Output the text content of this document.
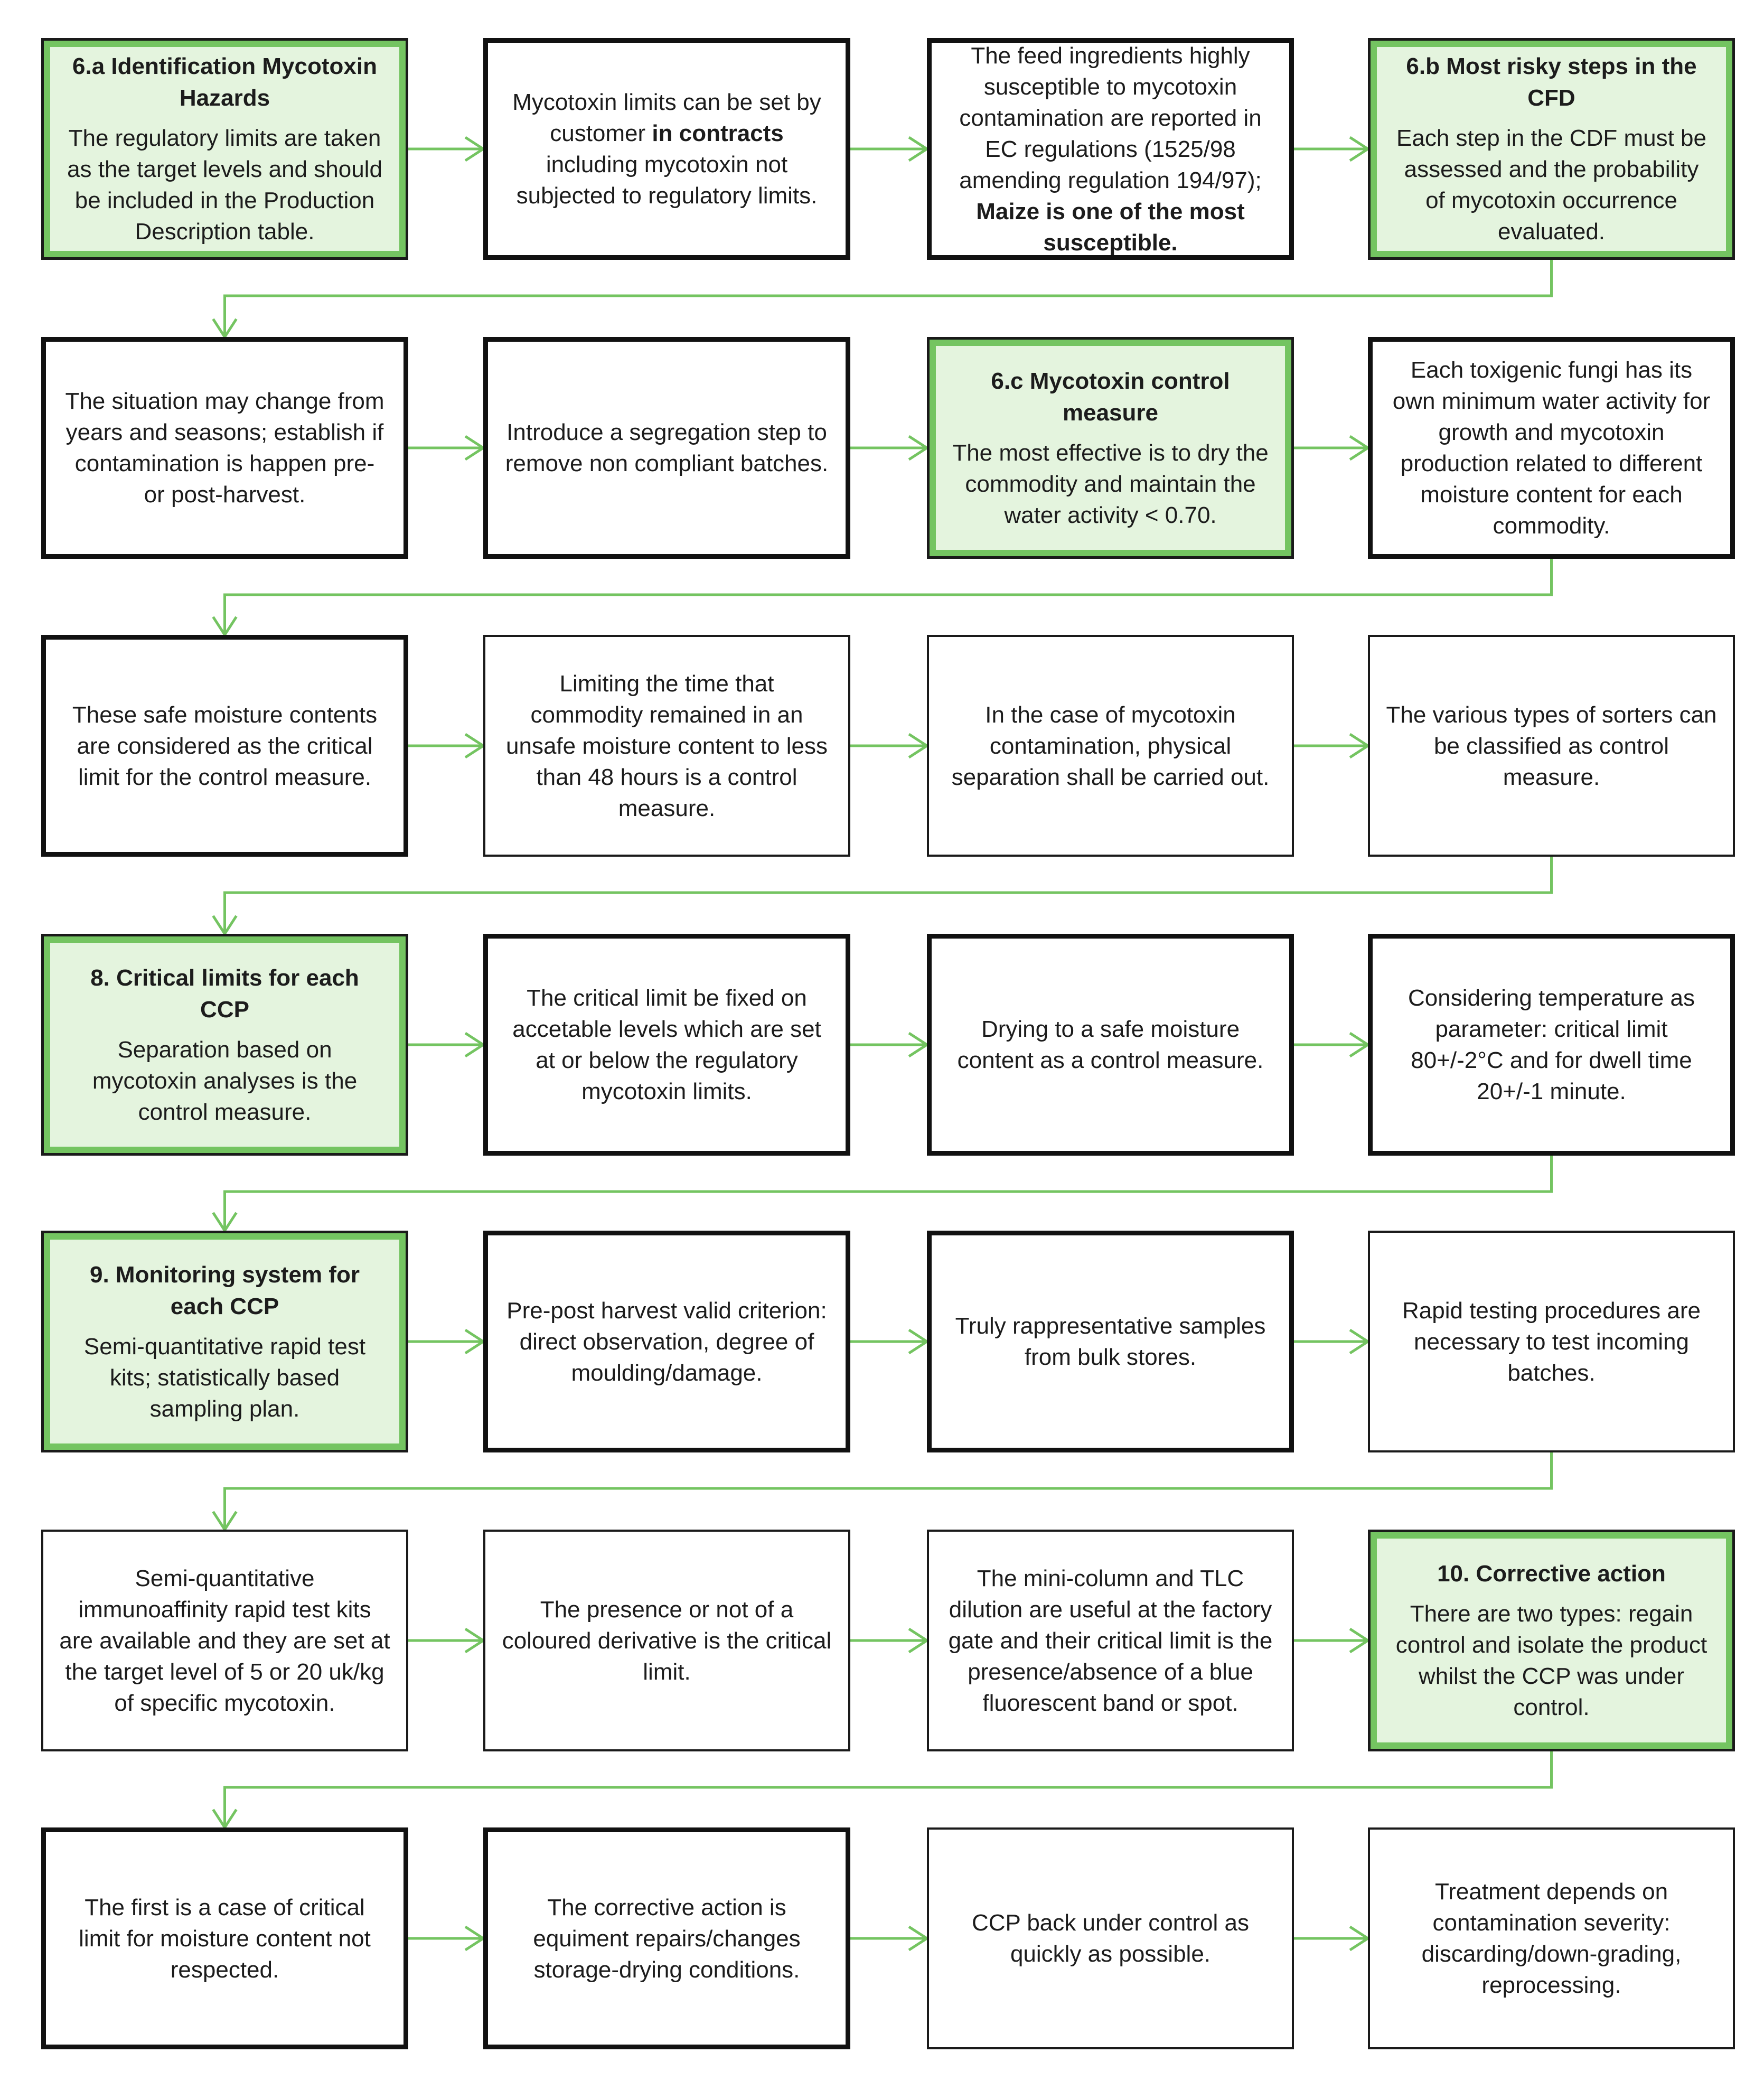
6.a Identification Mycotoxin Hazards
The regulatory limits are taken as the target levels and should be included in the Production Description table.
Mycotoxin limits can be set by customer in contracts including mycotoxin not subjected to regulatory limits.
The feed ingredients highly susceptible to mycotoxin contamination are reported in EC regulations (1525/98 amending regulation 194/97); Maize is one of the most susceptible.
6.b Most risky steps in the CFD
Each step in the CDF must be assessed and the probability of mycotoxin occurrence evaluated.
The situation may change from years and seasons; establish if contamination is happen pre- or post-harvest.
Introduce a segregation step to remove non compliant batches.
6.c Mycotoxin control measure
The most effective is to dry the commodity and maintain the water activity < 0.70.
Each toxigenic fungi has its own minimum water activity for growth and mycotoxin production related to different moisture content for each commodity.
These safe moisture contents are considered as the critical limit for the control measure.
Limiting the time that commodity remained in an unsafe moisture content to less than 48 hours is a control measure.
In the case of mycotoxin contamination, physical separation shall be carried out.
The various types of sorters can be classified as control measure.
8. Critical limits for each CCP
Separation based on mycotoxin analyses is the control measure.
The critical limit be fixed on accetable levels which are set at or below the regulatory mycotoxin limits.
Drying to a safe moisture content as a control measure.
Considering temperature as parameter: critical limit 80+/-2°C and for dwell time 20+/-1 minute.
9. Monitoring system for each CCP
Semi-quantitative rapid test kits; statistically based sampling plan.
Pre-post harvest valid criterion: direct observation, degree of moulding/damage.
Truly rappresentative samples from bulk stores.
Rapid testing procedures are necessary to test incoming batches.
Semi-quantitative immunoaffinity rapid test kits are available and they are set at the target level of 5 or 20 uk/kg of specific mycotoxin.
The presence or not of a coloured derivative is the critical limit.
The mini-column and TLC dilution are useful at the factory gate and their critical limit is the presence/absence of a blue fluorescent band or spot.
10. Corrective action
There are two types: regain control and isolate the product whilst the CCP was under control.
The first is a case of critical limit for moisture content not respected.
The corrective action is equiment repairs/changes storage-drying conditions.
CCP back under control as quickly as possible.
Treatment depends on contamination severity: discarding/down-grading, reprocessing.
